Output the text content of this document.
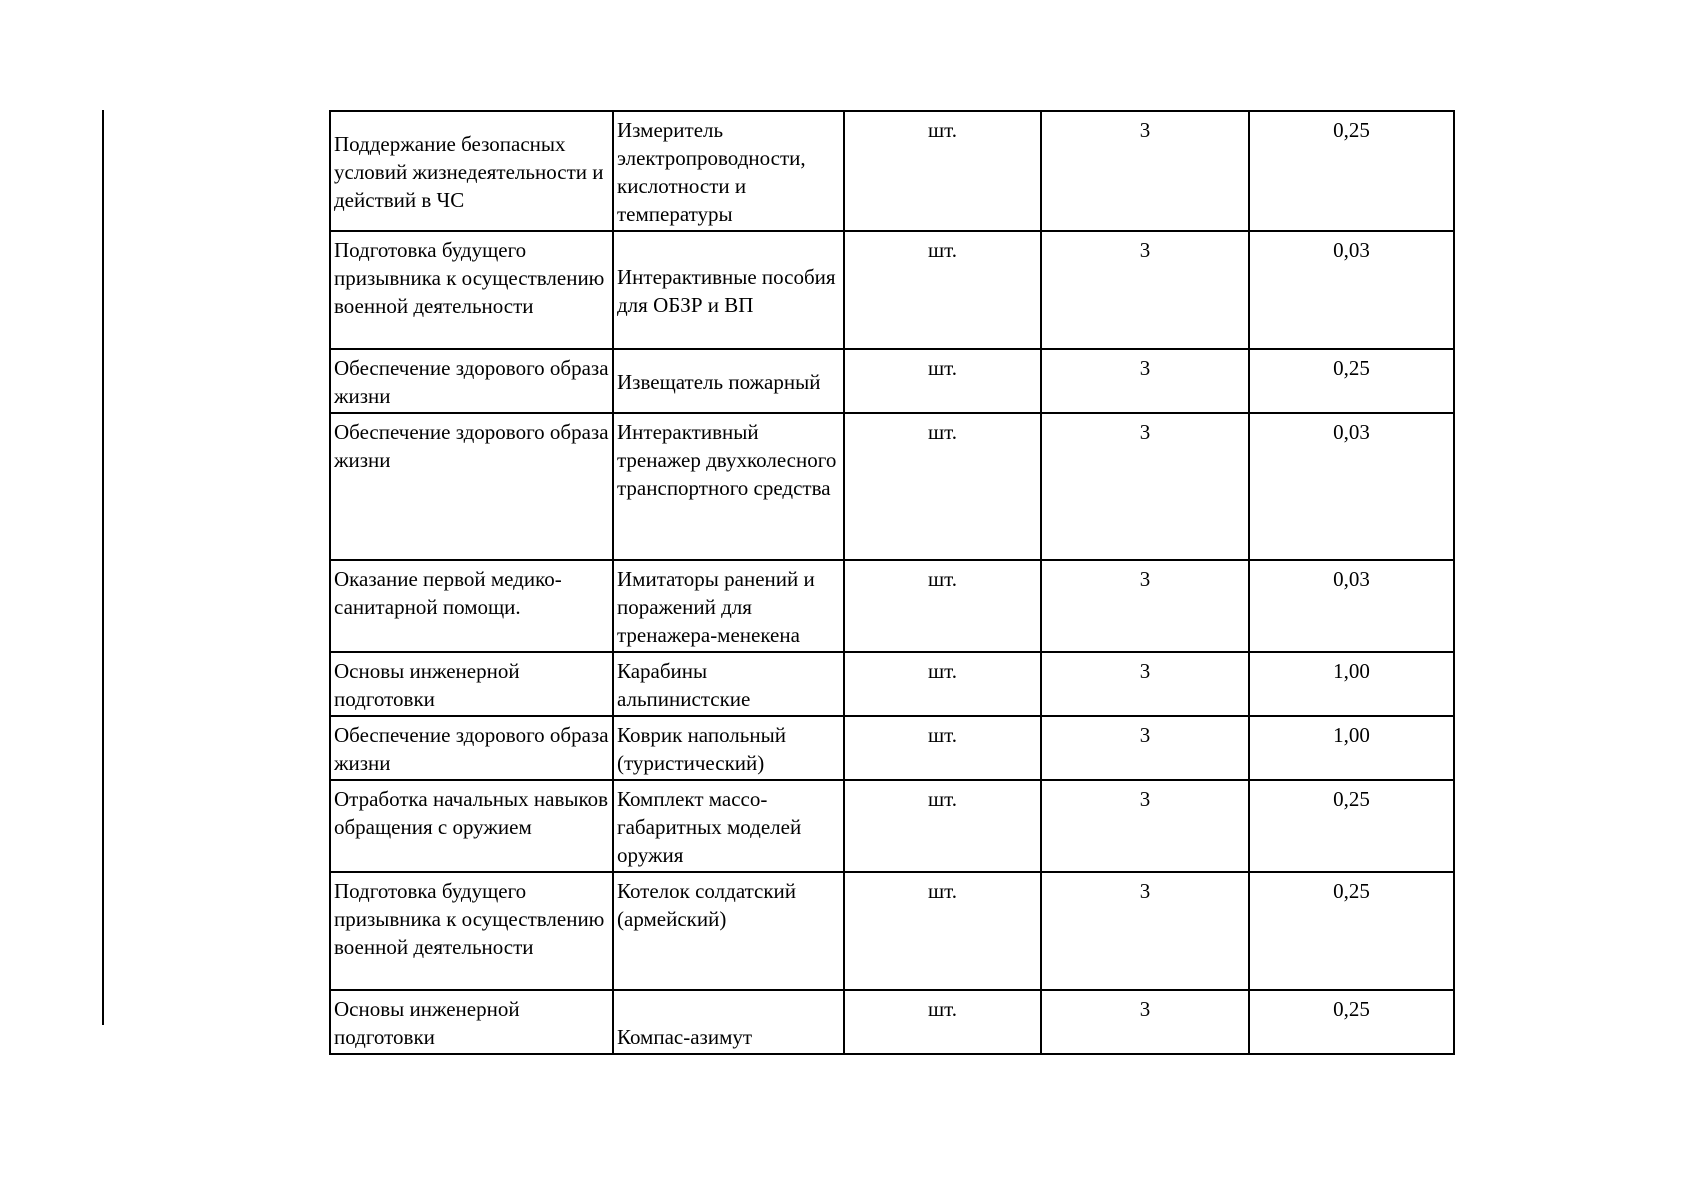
Поддержание безопасных условий жизнедеятельности и действий в ЧС	Измеритель электропроводности, кислотности и температуры	шт.	3	0,25
Подготовка будущего призывника к осуществлению военной деятельности	Интерактивные пособия для ОБЗР и ВП	шт.	3	0,03
Обеспечение здорового образа жизни	Извещатель пожарный	шт.	3	0,25
Обеспечение здорового образа жизни	Интерактивный тренажер двухколесного транспортного средства	шт.	3	0,03
Оказание первой медико-санитарной помощи.	Имитаторы ранений и поражений для тренажера-менекена	шт.	3	0,03
Основы инженерной подготовки	Карабины альпинистские	шт.	3	1,00
Обеспечение здорового образа жизни	Коврик напольный (туристический)	шт.	3	1,00
Отработка начальных навыков обращения с оружием	Комплект массо-габаритных моделей оружия	шт.	3	0,25
Подготовка будущего призывника к осуществлению военной деятельности	Котелок солдатский (армейский)	шт.	3	0,25
Основы инженерной подготовки	Компас-азимут	шт.	3	0,25
